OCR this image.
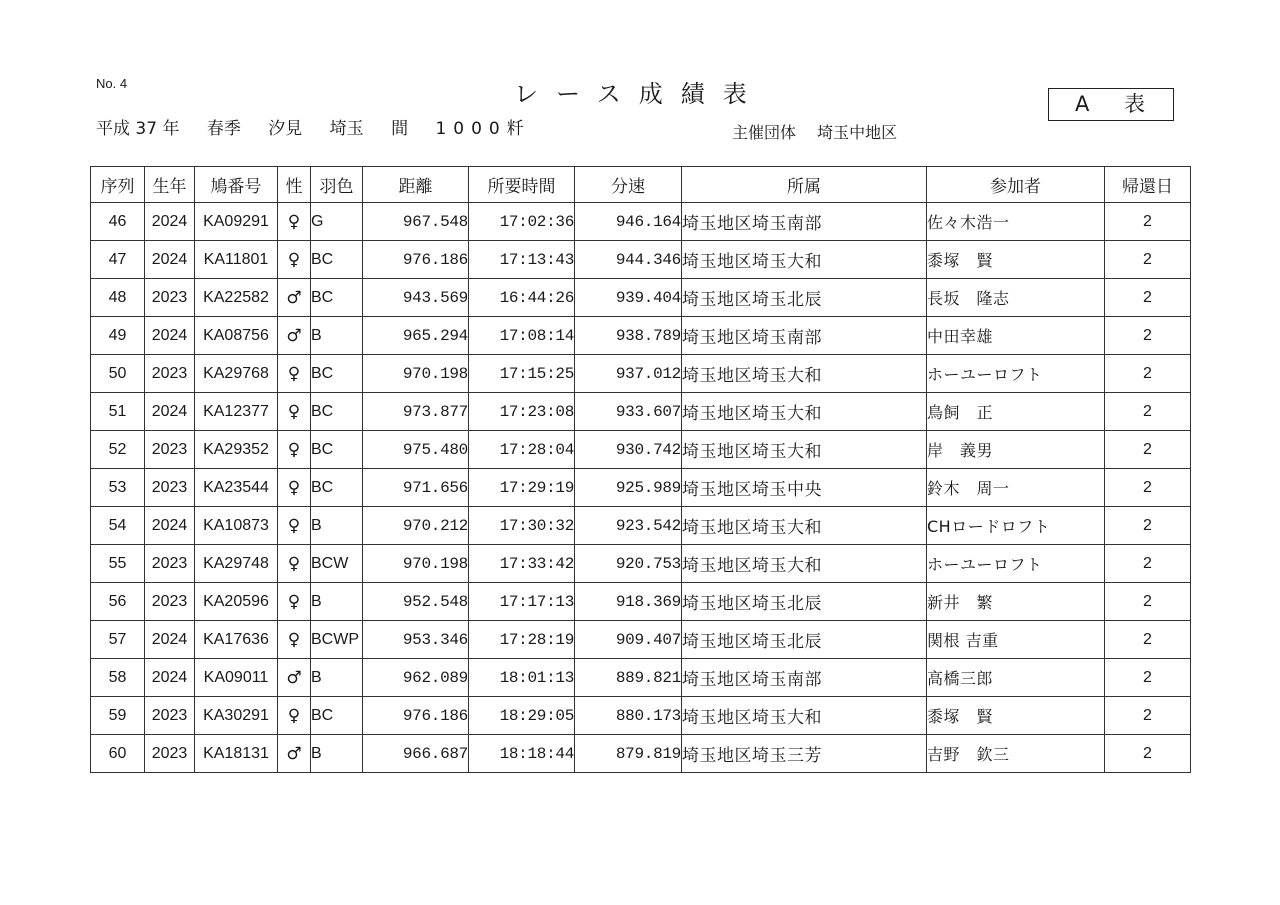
No. 4	レース成績表	A 表
平成 37 年 春季 汐見 埼玉 間 1000粁	主催団体 埼玉中地区
序列	生年	鳩番号	性	羽色	距離	所要時間	分速	所属	参加者	帰還日
46	2024	KA09291	♀	G	967.548	17:02:36	946.164	埼玉地区埼玉南部	佐々木浩一	2
47	2024	KA11801	♀	BC	976.186	17:13:43	944.346	埼玉地区埼玉大和	黍塚　賢	2
48	2023	KA22582	♂	BC	943.569	16:44:26	939.404	埼玉地区埼玉北辰	長坂　隆志	2
49	2024	KA08756	♂	B	965.294	17:08:14	938.789	埼玉地区埼玉南部	中田幸雄	2
50	2023	KA29768	♀	BC	970.198	17:15:25	937.012	埼玉地区埼玉大和	ホーユーロフト	2
51	2024	KA12377	♀	BC	973.877	17:23:08	933.607	埼玉地区埼玉大和	鳥飼　正	2
52	2023	KA29352	♀	BC	975.480	17:28:04	930.742	埼玉地区埼玉大和	岸　義男	2
53	2023	KA23544	♀	BC	971.656	17:29:19	925.989	埼玉地区埼玉中央	鈴木　周一	2
54	2024	KA10873	♀	B	970.212	17:30:32	923.542	埼玉地区埼玉大和	CHロードロフト	2
55	2023	KA29748	♀	BCW	970.198	17:33:42	920.753	埼玉地区埼玉大和	ホーユーロフト	2
56	2023	KA20596	♀	B	952.548	17:17:13	918.369	埼玉地区埼玉北辰	新井　繁	2
57	2024	KA17636	♀	BCWP	953.346	17:28:19	909.407	埼玉地区埼玉北辰	関根 吉重	2
58	2024	KA09011	♂	B	962.089	18:01:13	889.821	埼玉地区埼玉南部	高橋三郎	2
59	2023	KA30291	♀	BC	976.186	18:29:05	880.173	埼玉地区埼玉大和	黍塚　賢	2
60	2023	KA18131	♂	B	966.687	18:18:44	879.819	埼玉地区埼玉三芳	吉野　欽三	2
